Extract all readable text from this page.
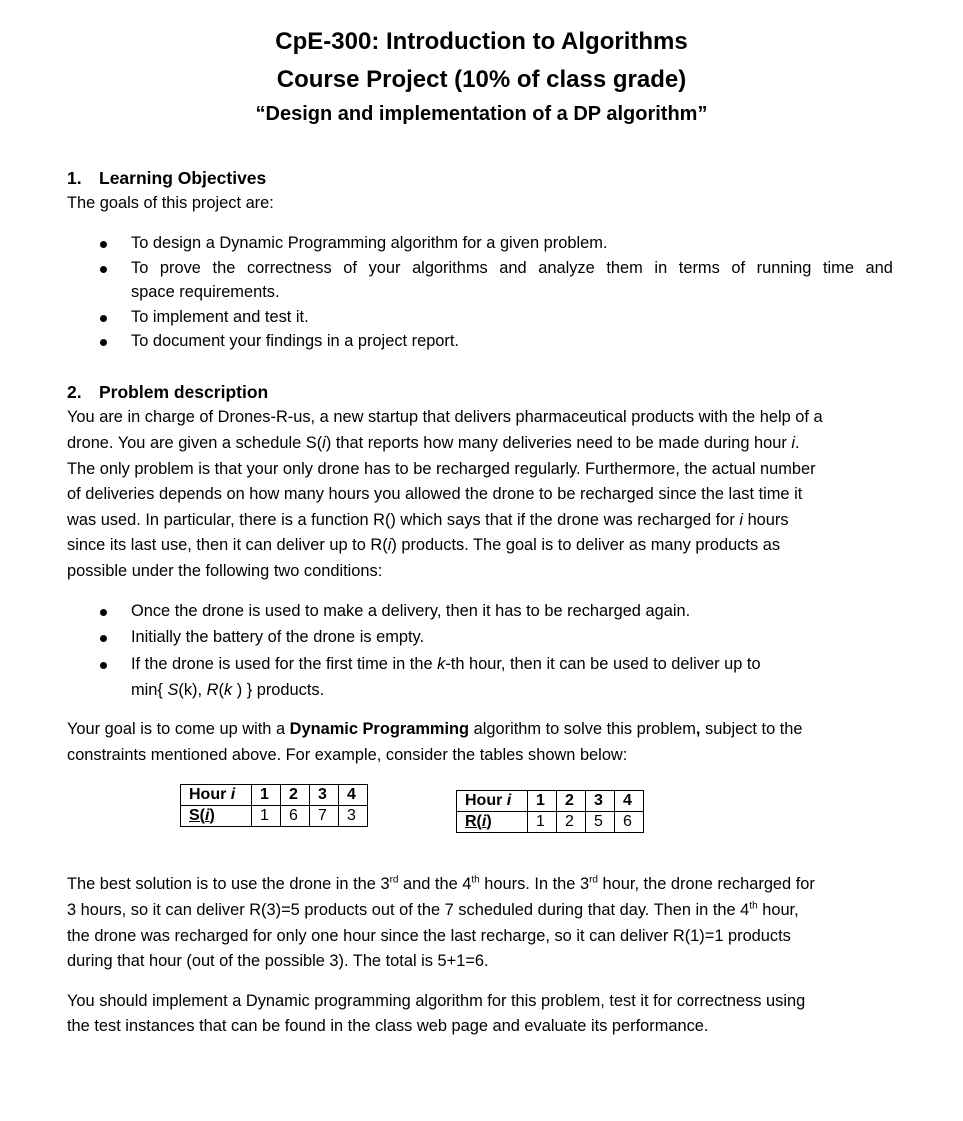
CpE-300: Introduction to Algorithms
Course Project (10% of class grade)
“Design and implementation of a DP algorithm”
1. Learning Objectives
The goals of this project are:
To design a Dynamic Programming algorithm for a given problem.
To prove the correctness of your algorithms and analyze them in terms of running time and
space requirements.
To implement and test it.
To document your findings in a project report.
2. Problem description
You are in charge of Drones-R-us, a new startup that delivers pharmaceutical products with the help of a
drone. You are given a schedule S(i) that reports how many deliveries need to be made during hour i.
The only problem is that your only drone has to be recharged regularly. Furthermore, the actual number
of deliveries depends on how many hours you allowed the drone to be recharged since the last time it
was used. In particular, there is a function R() which says that if the drone was recharged for i hours
since its last use, then it can deliver up to R(i) products. The goal is to deliver as many products as
possible under the following two conditions:
Once the drone is used to make a delivery, then it has to be recharged again.
Initially the battery of the drone is empty.
If the drone is used for the first time in the k-th hour, then it can be used to deliver up to
min{ S(k), R(k ) } products.
Your goal is to come up with a Dynamic Programming algorithm to solve this problem, subject to the
constraints mentioned above. For example, consider the tables shown below:
Hour i	1	2	3	4
S(i)	1	6	7	3
Hour i	1	2	3	4
R(i)	1	2	5	6
The best solution is to use the drone in the 3rd and the 4th hours. In the 3rd hour, the drone recharged for
3 hours, so it can deliver R(3)=5 products out of the 7 scheduled during that day. Then in the 4th hour,
the drone was recharged for only one hour since the last recharge, so it can deliver R(1)=1 products
during that hour (out of the possible 3). The total is 5+1=6.
You should implement a Dynamic programming algorithm for this problem, test it for correctness using
the test instances that can be found in the class web page and evaluate its performance.
